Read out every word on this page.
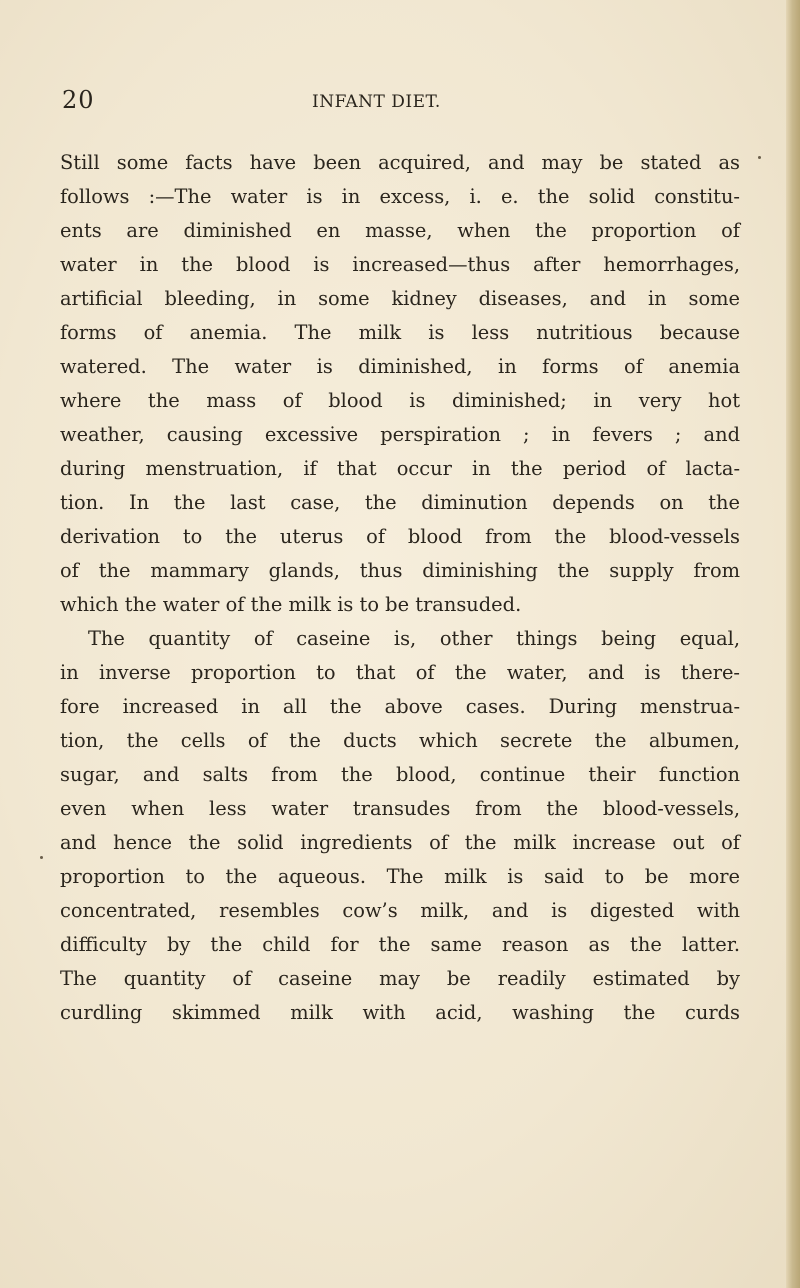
20	INFANT DIET.
Still some facts have been acquired, and may be stated as
follows :—The water is in excess, i. e. the solid constitu-
ents are diminished en masse, when the proportion of
water in the blood is increased—thus after hemorrhages,
artificial bleeding, in some kidney diseases, and in some
forms of anemia. The milk is less nutritious because
watered. The water is diminished, in forms of anemia
where the mass of blood is diminished; in very hot
weather, causing excessive perspiration ; in fevers ; and
during menstruation, if that occur in the period of lacta-
tion. In the last case, the diminution depends on the
derivation to the uterus of blood from the blood-vessels
of the mammary glands, thus diminishing the supply from
which the water of the milk is to be transuded.
The quantity of caseine is, other things being equal,
in inverse proportion to that of the water, and is there-
fore increased in all the above cases. During menstrua-
tion, the cells of the ducts which secrete the albumen,
sugar, and salts from the blood, continue their function
even when less water transudes from the blood-vessels,
and hence the solid ingredients of the milk increase out of
proportion to the aqueous. The milk is said to be more
concentrated, resembles cow’s milk, and is digested with
difficulty by the child for the same reason as the latter.
The quantity of caseine may be readily estimated by
curdling skimmed milk with acid, washing the curds
